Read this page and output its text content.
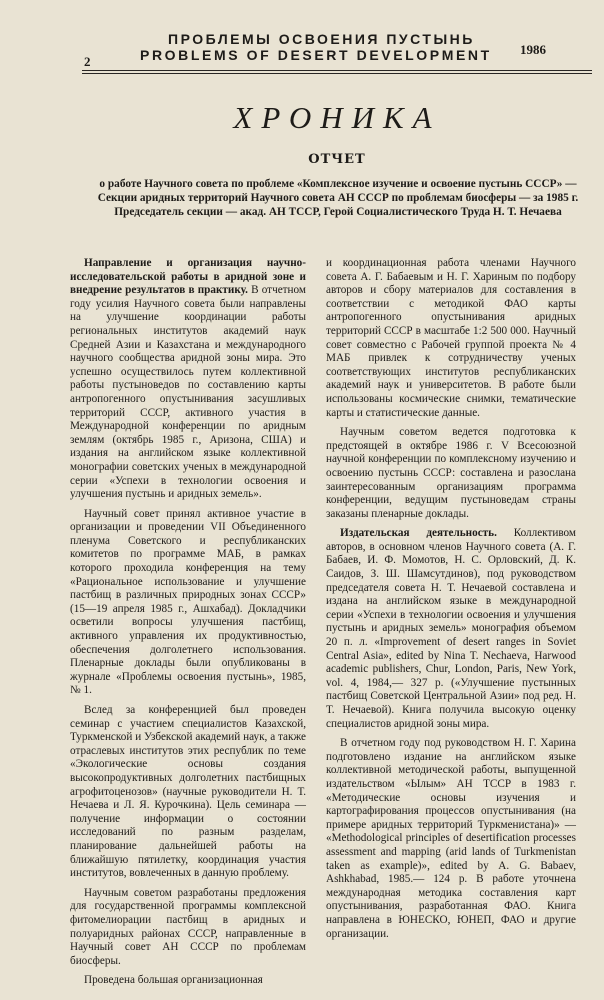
ПРОБЛЕМЫ ОСВОЕНИЯ ПУСТЫНЬ
2	PROBLEMS OF DESERT DEVELOPMENT 1986
ХРОНИКА
ОТЧЕТ

о работе Научного совета по проблеме «Комплексное изучение и освоение пустынь СССР» — Секции аридных территорий Научного совета АН СССР по проблемам биосферы — за 1985 г.

Председатель секции — акад. АН ТССР, Герой Социалистического Труда Н. Т. Нечаева

Направление и организация научно-исследовательской работы в аридной зоне и внедрение результатов в практику. В отчетном году усилия Научного совета были направлены на улучшение координации работы региональных институтов академий наук Средней Азии и Казахстана и международного научного сообщества аридной зоны мира. Это успешно осуществилось путем коллективной работы пустыноведов по составлению карты антропогенного опустынивания засушливых территорий СССР, активного участия в Международной конференции по аридным землям (октябрь 1985 г., Аризона, США) и издания на английском языке коллективной монографии советских ученых в международной серии «Успехи в технологии освоения и улучшения пустынь и аридных земель».

Научный совет принял активное участие в организации и проведении VII Объединенного пленума Советского и республиканских комитетов по программе МАБ, в рамках которого проходила конференция на тему «Рациональное использование и улучшение пастбищ в различных природных зонах СССР» (15—19 апреля 1985 г., Ашхабад). Докладчики осветили вопросы улучшения пастбищ, активного управления их продуктивностью, обеспечения долголетнего использования. Пленарные доклады были опубликованы в журнале «Проблемы освоения пустынь», 1985, № 1.

Вслед за конференцией был проведен семинар с участием специалистов Казахской, Туркменской и Узбекской академий наук, а также отраслевых институтов этих республик по теме «Экологические основы создания высокопродуктивных долголетних пастбищных агрофитоценозов» (научные руководители Н. Т. Нечаева и Л. Я. Курочкина). Цель семинара — получение информации о состоянии исследований по разным разделам, планирование дальнейшей работы на ближайшую пятилетку, координация участия институтов, вовлеченных в данную проблему.

Научным советом разработаны предложения для государственной программы комплексной фитомелиорации пастбищ в аридных и полуаридных районах СССР, направленные в Научный совет АН СССР по проблемам биосферы.

Проведена большая организационная

и координационная работа членами Научного совета А. Г. Бабаевым и Н. Г. Хариным по подбору авторов и сбору материалов для составления в соответствии с методикой ФАО карты антропогенного опустынивания аридных территорий СССР в масштабе 1:2 500 000. Научный совет совместно с Рабочей группой проекта № 4 МАБ привлек к сотрудничеству ученых соответствующих институтов республиканских академий наук и университетов. В работе были использованы космические снимки, тематические карты и статистические данные.

Научным советом ведется подготовка к предстоящей в октябре 1986 г. V Всесоюзной научной конференции по комплексному изучению и освоению пустынь СССР: составлена и разослана заинтересованным организациям программа конференции, ведущим пустыноведам страны заказаны пленарные доклады.

Издательская деятельность. Коллективом авторов, в основном членов Научного совета (А. Г. Бабаев, И. Ф. Момотов, Н. С. Орловский, Д. К. Саидов, З. Ш. Шамсутдинов), под руководством председателя совета Н. Т. Нечаевой составлена и издана на английском языке в международной серии «Успехи в технологии освоения и улучшения пустынь и аридных земель» монография объемом 20 п. л. «Improvement of desert ranges in Soviet Central Asia», edited by Nina T. Nechaeva, Harwood academic publishers, Chur, London, Paris, New York, vol. 4, 1984,— 327 p. («Улучшение пустынных пастбищ Советской Центральной Азии» под ред. Н. Т. Нечаевой). Книга получила высокую оценку специалистов аридной зоны мира.

В отчетном году под руководством Н. Г. Харина подготовлено издание на английском языке коллективной методической работы, выпущенной издательством «Ылым» АН ТССР в 1983 г. «Методические основы изучения и картографирования процессов опустынивания (на примере аридных территорий Туркменистана)» — «Methodological principles of desertification processes assessment and mapping (arid lands of Turkmenistan taken as example)», edited by A. G. Babaev, Ashkhabad, 1985.— 124 p. В работе уточнена международная методика составления карт опустынивания, разработанная ФАО. Книга направлена в ЮНЕСКО, ЮНЕП, ФАО и другие организации.
